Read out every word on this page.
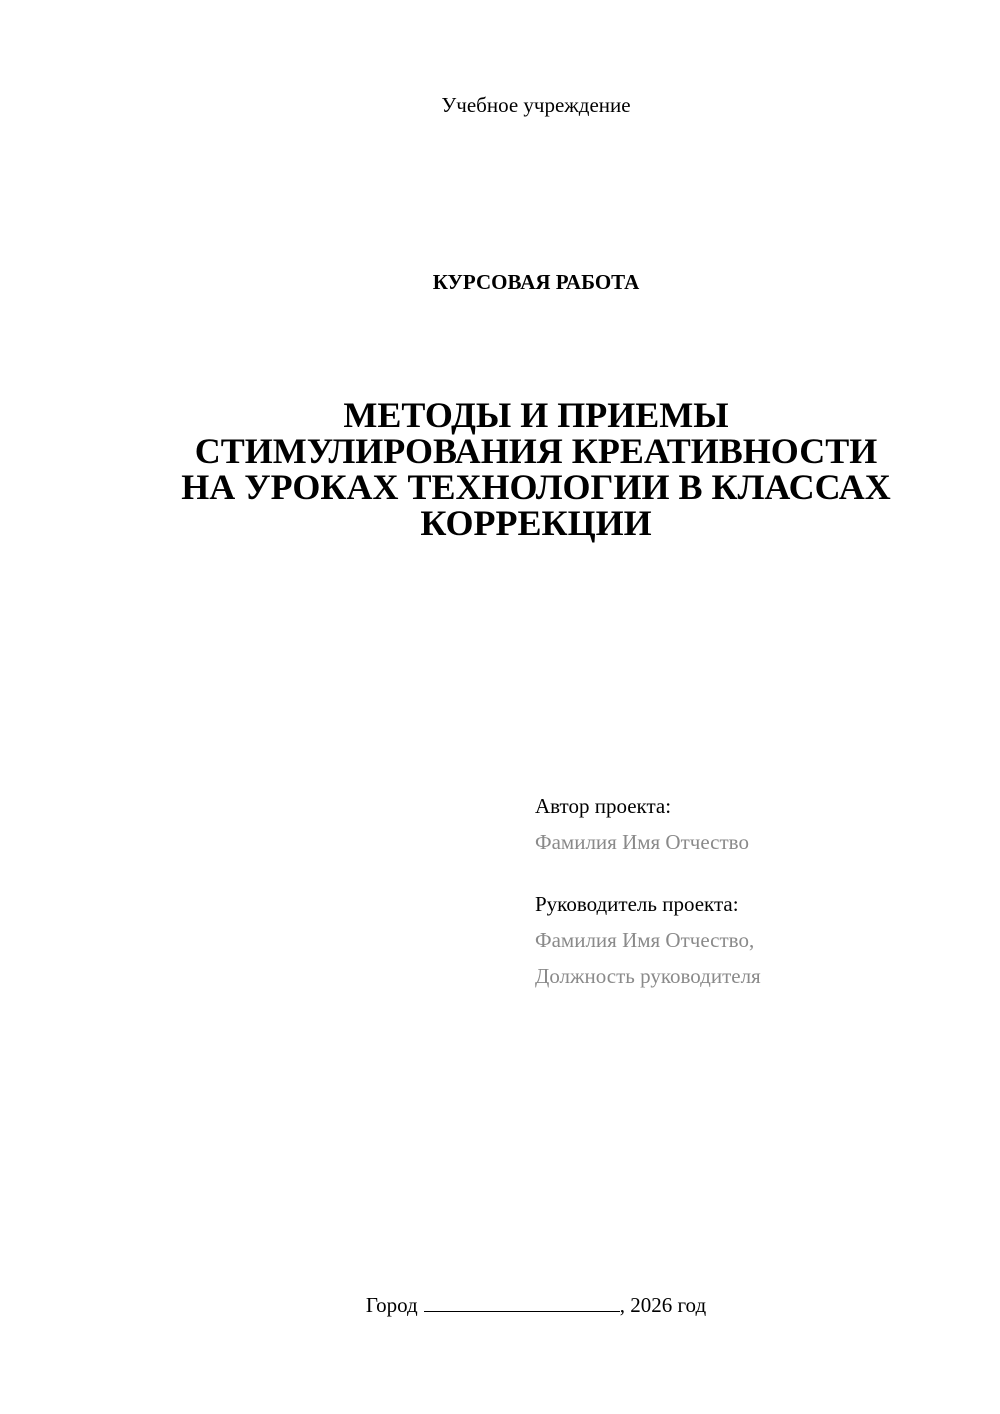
Учебное учреждение
КУРСОВАЯ РАБОТА
МЕТОДЫ И ПРИЕМЫ
СТИМУЛИРОВАНИЯ КРЕАТИВНОСТИ
НА УРОКАХ ТЕХНОЛОГИИ В КЛАССАХ
КОРРЕКЦИИ
Автор проекта:
Фамилия Имя Отчество
Руководитель проекта:
Фамилия Имя Отчество,
Должность руководителя
Город	, 2026 год
